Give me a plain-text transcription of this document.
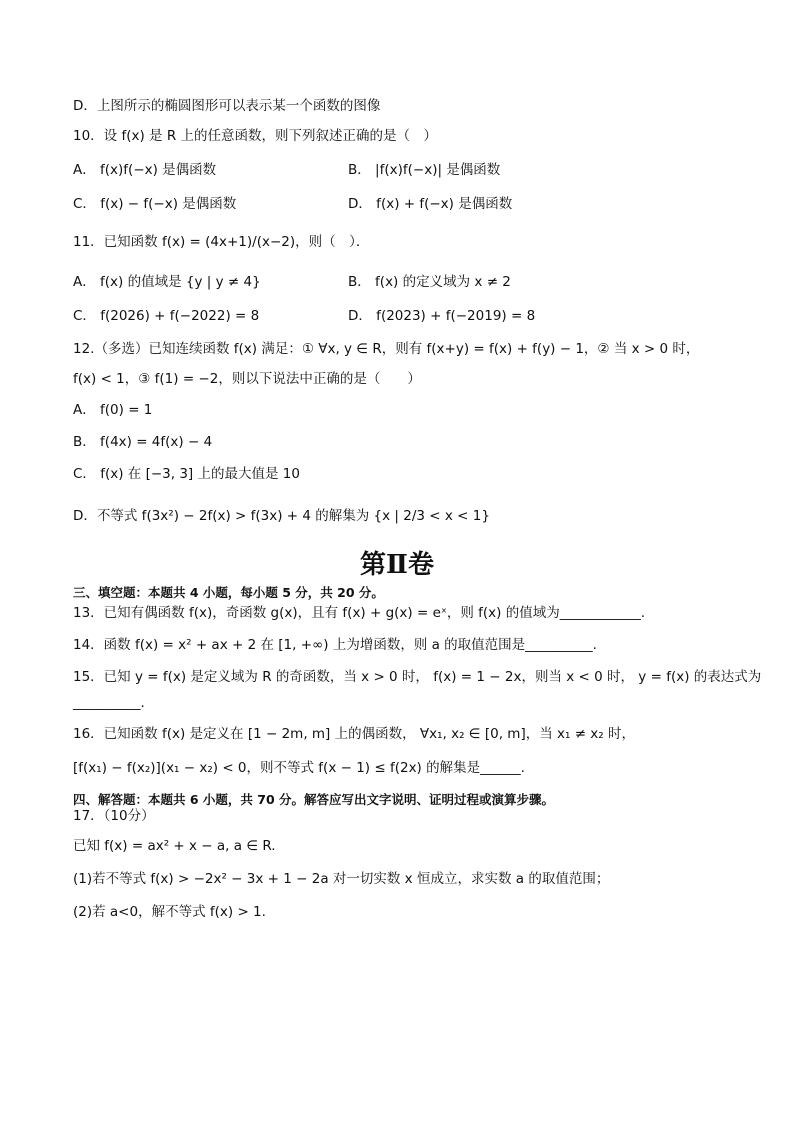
D．上图所示的椭圆图形可以表示某一个函数的图像
10．设 f(x) 是 R 上的任意函数，则下列叙述正确的是（　）
A． f(x)f(−x) 是偶函数	B． |f(x)f(−x)| 是偶函数
C． f(x) − f(−x) 是偶函数	D． f(x) + f(−x) 是偶函数
11．已知函数 f(x) = (4x+1)/(x−2)，则（　）．
A． f(x) 的值域是 {y | y ≠ 4}	B． f(x) 的定义域为 x ≠ 2
C． f(2026) + f(−2022) = 8	D． f(2023) + f(−2019) = 8
12.（多选）已知连续函数 f(x) 满足：① ∀x, y ∈ R，则有 f(x+y) = f(x) + f(y) − 1，② 当 x > 0 时，
f(x) < 1，③ f(1) = −2，则以下说法中正确的是（　　）
A． f(0) = 1
B． f(4x) = 4f(x) − 4
C． f(x) 在 [−3, 3] 上的最大值是 10
D．不等式 f(3x²) − 2f(x) > f(3x) + 4 的解集为 {x | 2/3 < x < 1}
第Ⅱ卷
三、填空题：本题共 4 小题，每小题 5 分，共 20 分。
13．已知有偶函数 f(x)，奇函数 g(x)，且有 f(x) + g(x) = eˣ，则 f(x) 的值域为____________.
14．函数 f(x) = x² + ax + 2 在 [1, +∞) 上为增函数，则 a 的取值范围是__________.
15．已知 y = f(x) 是定义域为 R 的奇函数，当 x > 0 时， f(x) = 1 − 2x，则当 x < 0 时， y = f(x) 的表达式为
__________.
16．已知函数 f(x) 是定义在 [1 − 2m, m] 上的偶函数， ∀x₁, x₂ ∈ [0, m]，当 x₁ ≠ x₂ 时，
[f(x₁) − f(x₂)](x₁ − x₂) < 0，则不等式 f(x − 1) ≤ f(2x) 的解集是______.
四、解答题：本题共 6 小题，共 70 分。解答应写出文字说明、证明过程或演算步骤。
17．（10分）
已知 f(x) = ax² + x − a, a ∈ R.
(1)若不等式 f(x) > −2x² − 3x + 1 − 2a 对一切实数 x 恒成立，求实数 a 的取值范围；
(2)若 a<0，解不等式 f(x) > 1.
